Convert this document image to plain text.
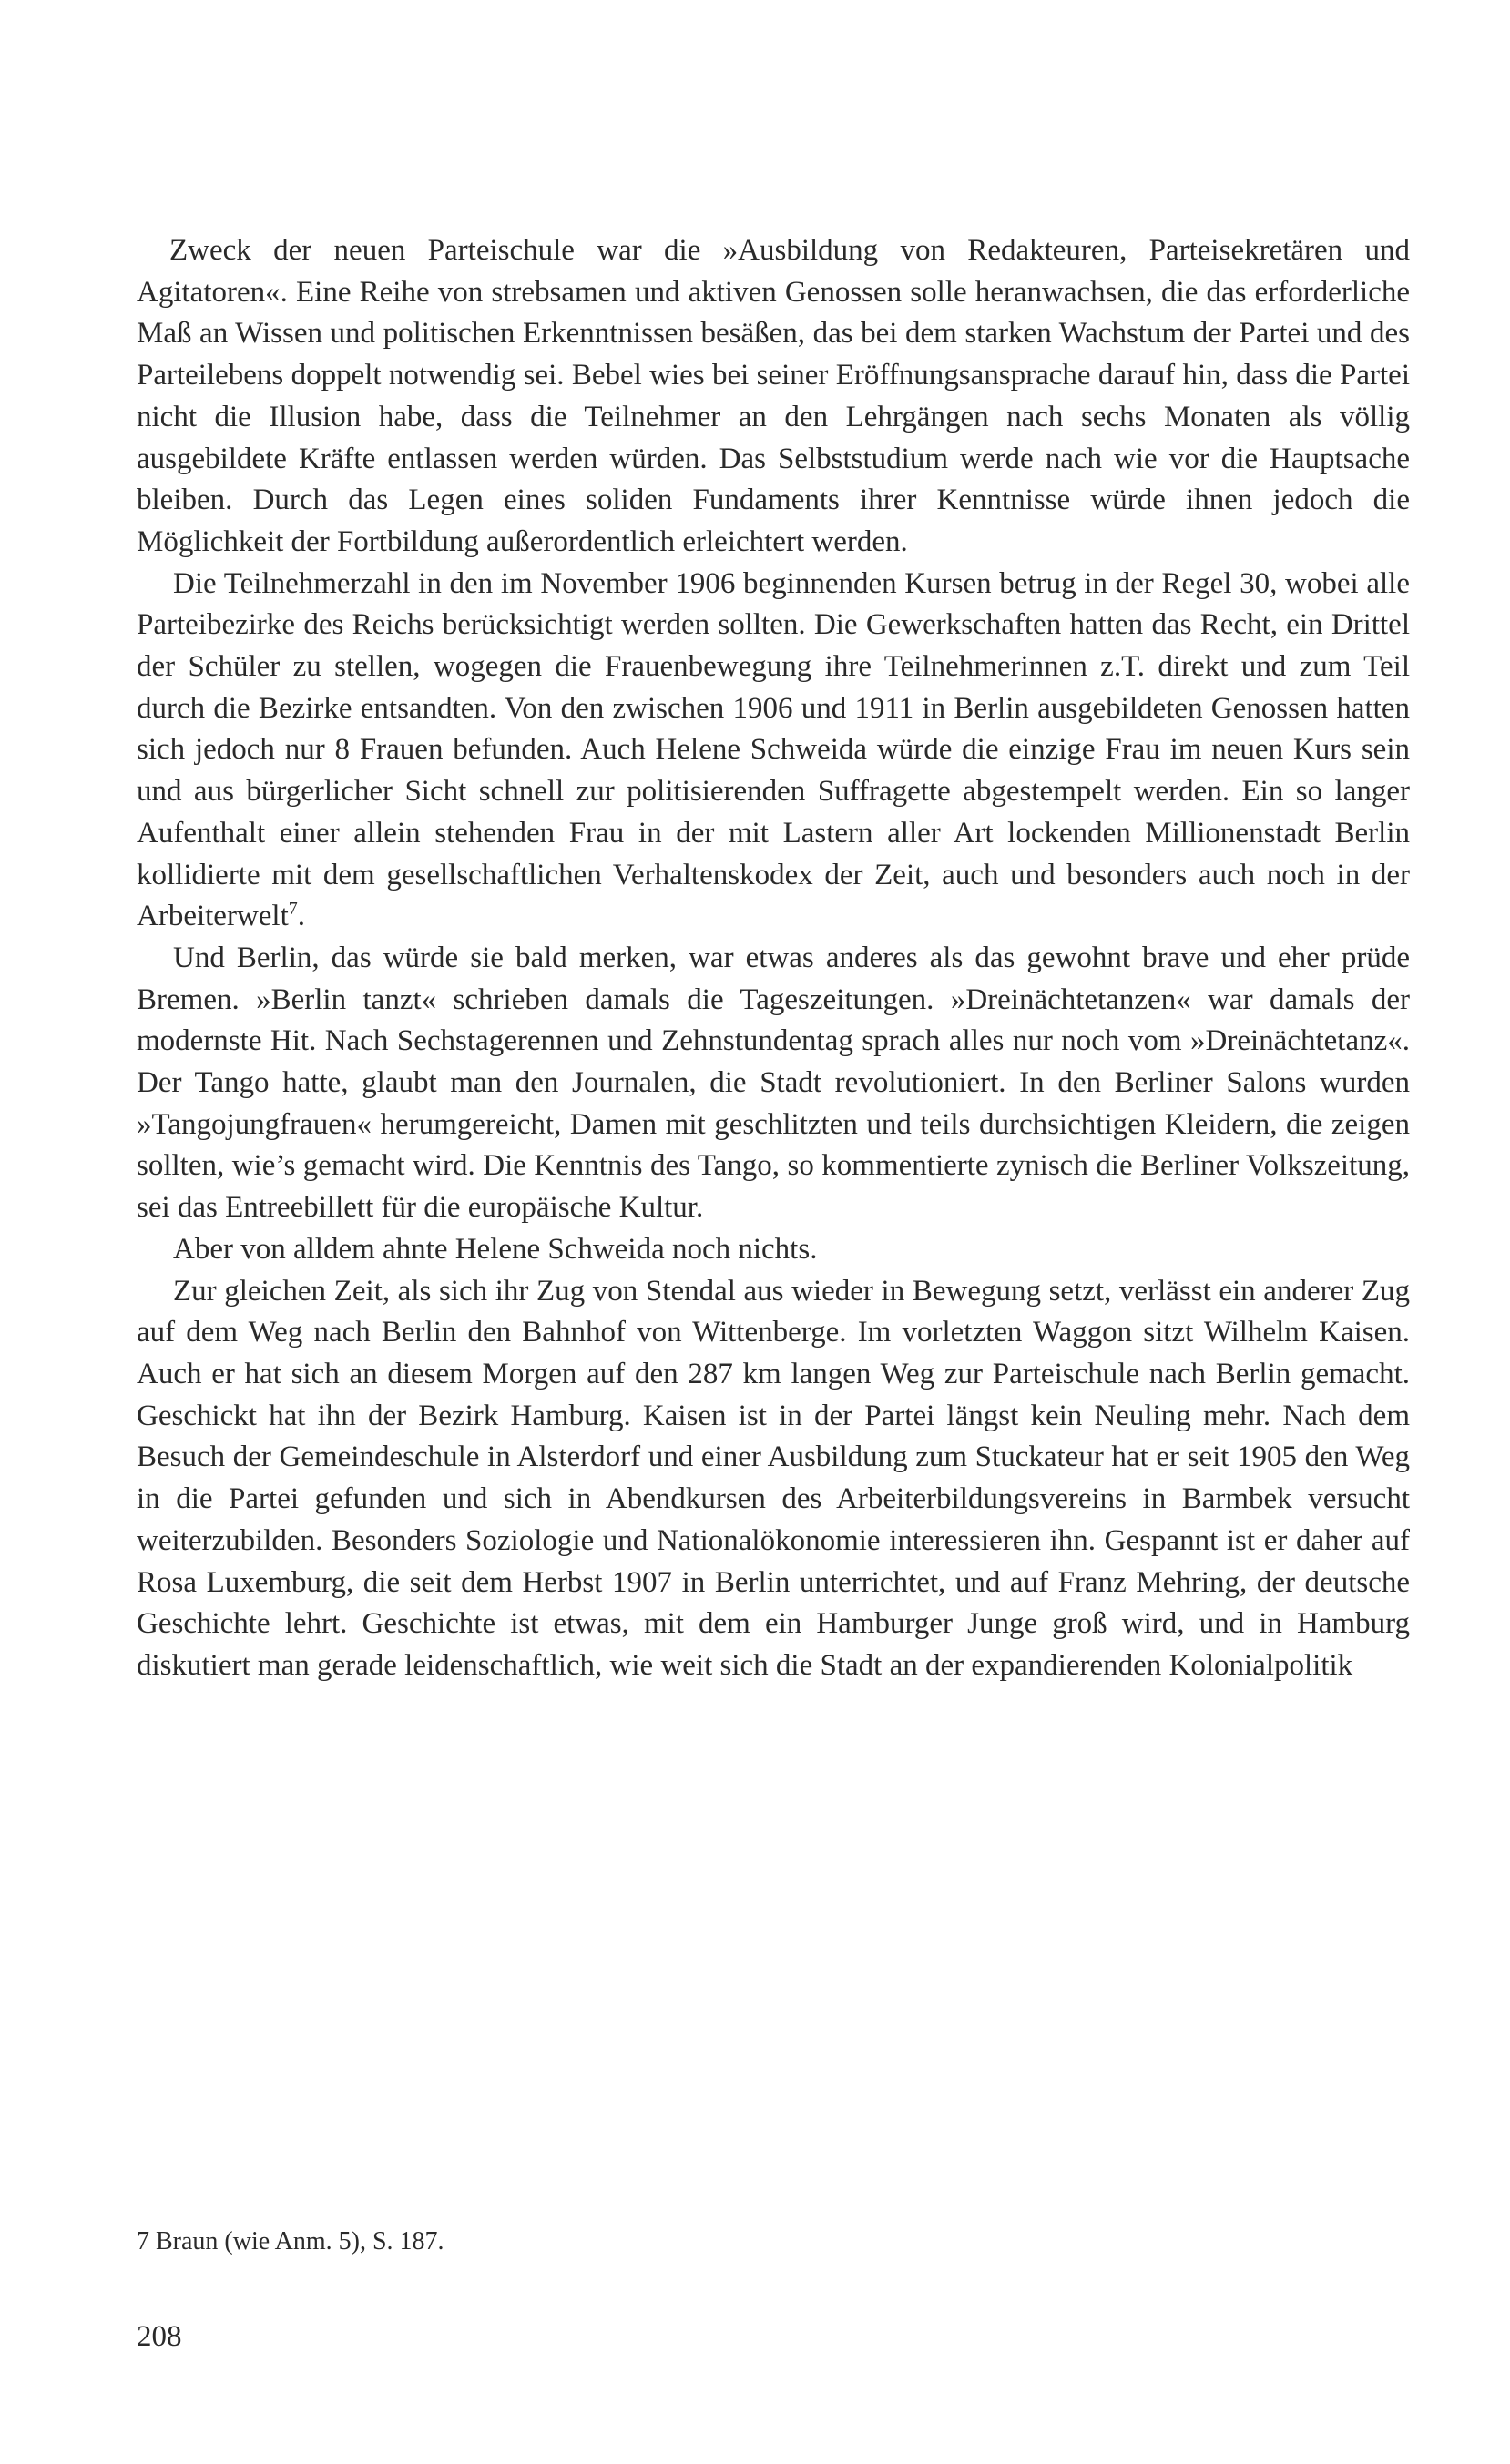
Zweck der neuen Parteischule war die »Ausbildung von Redakteuren, Parteisekretären und Agitatoren«. Eine Reihe von strebsamen und aktiven Genossen solle heranwachsen, die das erforderliche Maß an Wissen und politischen Erkenntnissen besäßen, das bei dem starken Wachstum der Partei und des Parteilebens doppelt notwendig sei. Bebel wies bei seiner Eröffnungsansprache darauf hin, dass die Partei nicht die Illusion habe, dass die Teilnehmer an den Lehrgängen nach sechs Monaten als völlig ausgebildete Kräfte entlassen werden würden. Das Selbststudium werde nach wie vor die Hauptsache bleiben. Durch das Legen eines soliden Fundaments ihrer Kenntnisse würde ihnen jedoch die Möglichkeit der Fortbildung außerordentlich erleichtert werden.

Die Teilnehmerzahl in den im November 1906 beginnenden Kursen betrug in der Regel 30, wobei alle Parteibezirke des Reichs berücksichtigt werden sollten. Die Gewerkschaften hatten das Recht, ein Drittel der Schüler zu stellen, wogegen die Frauenbewegung ihre Teilnehmerinnen z.T. direkt und zum Teil durch die Bezirke entsandten. Von den zwischen 1906 und 1911 in Berlin ausgebildeten Genossen hatten sich jedoch nur 8 Frauen befunden. Auch Helene Schweida würde die einzige Frau im neuen Kurs sein und aus bürgerlicher Sicht schnell zur politisierenden Suffragette abgestempelt werden. Ein so langer Aufenthalt einer allein stehenden Frau in der mit Lastern aller Art lockenden Millionenstadt Berlin kollidierte mit dem gesellschaftlichen Verhaltenskodex der Zeit, auch und besonders auch noch in der Arbeiterwelt$^7$.

Und Berlin, das würde sie bald merken, war etwas anderes als das gewohnt brave und eher prüde Bremen. »Berlin tanzt« schrieben damals die Tageszeitungen. »Dreinächtetanzen« war damals der modernste Hit. Nach Sechstagerennen und Zehnstundentag sprach alles nur noch vom »Dreinächtetanz«. Der Tango hatte, glaubt man den Journalen, die Stadt revolutioniert. In den Berliner Salons wurden »Tangojungfrauen« herumgereicht, Damen mit geschlitzten und teils durchsichtigen Kleidern, die zeigen sollten, wie’s gemacht wird. Die Kenntnis des Tango, so kommentierte zynisch die Berliner Volkszeitung, sei das Entreebillett für die europäische Kultur.

Aber von alldem ahnte Helene Schweida noch nichts.

Zur gleichen Zeit, als sich ihr Zug von Stendal aus wieder in Bewegung setzt, verlässt ein anderer Zug auf dem Weg nach Berlin den Bahnhof von Wittenberge. Im vorletzten Waggon sitzt Wilhelm Kaisen. Auch er hat sich an diesem Morgen auf den 287 km langen Weg zur Parteischule nach Berlin gemacht. Geschickt hat ihn der Bezirk Hamburg. Kaisen ist in der Partei längst kein Neuling mehr. Nach dem Besuch der Gemeindeschule in Alsterdorf und einer Ausbildung zum Stuckateur hat er seit 1905 den Weg in die Partei gefunden und sich in Abendkursen des Arbeiterbildungsvereins in Barmbek versucht weiterzubilden. Besonders Soziologie und Nationalökonomie interessieren ihn. Gespannt ist er daher auf Rosa Luxemburg, die seit dem Herbst 1907 in Berlin unterrichtet, und auf Franz Mehring, der deutsche Geschichte lehrt. Geschichte ist etwas, mit dem ein Hamburger Junge groß wird, und in Hamburg diskutiert man gerade leidenschaftlich, wie weit sich die Stadt an der expandierenden Kolonialpolitik

7 Braun (wie Anm. 5), S. 187.

208
